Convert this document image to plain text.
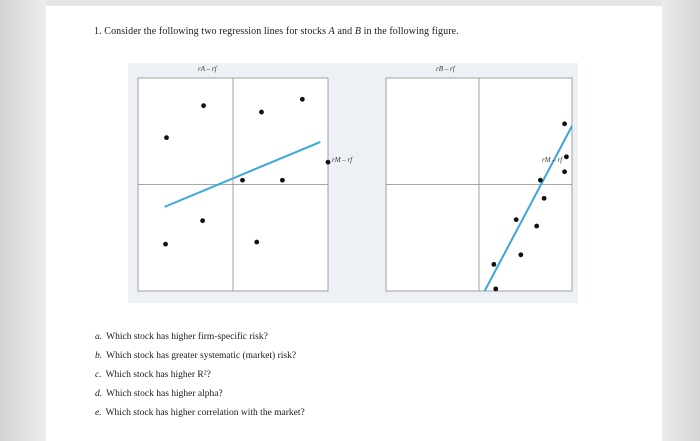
1. Consider the following two regression lines for stocks A and B in the following figure.
rA – rf
rM – rf
rB – rf
rM – rf
a. Which stock has higher firm-specific risk?
b. Which stock has greater systematic (market) risk?
c. Which stock has higher R²?
d. Which stock has higher alpha?
e. Which stock has higher correlation with the market?
